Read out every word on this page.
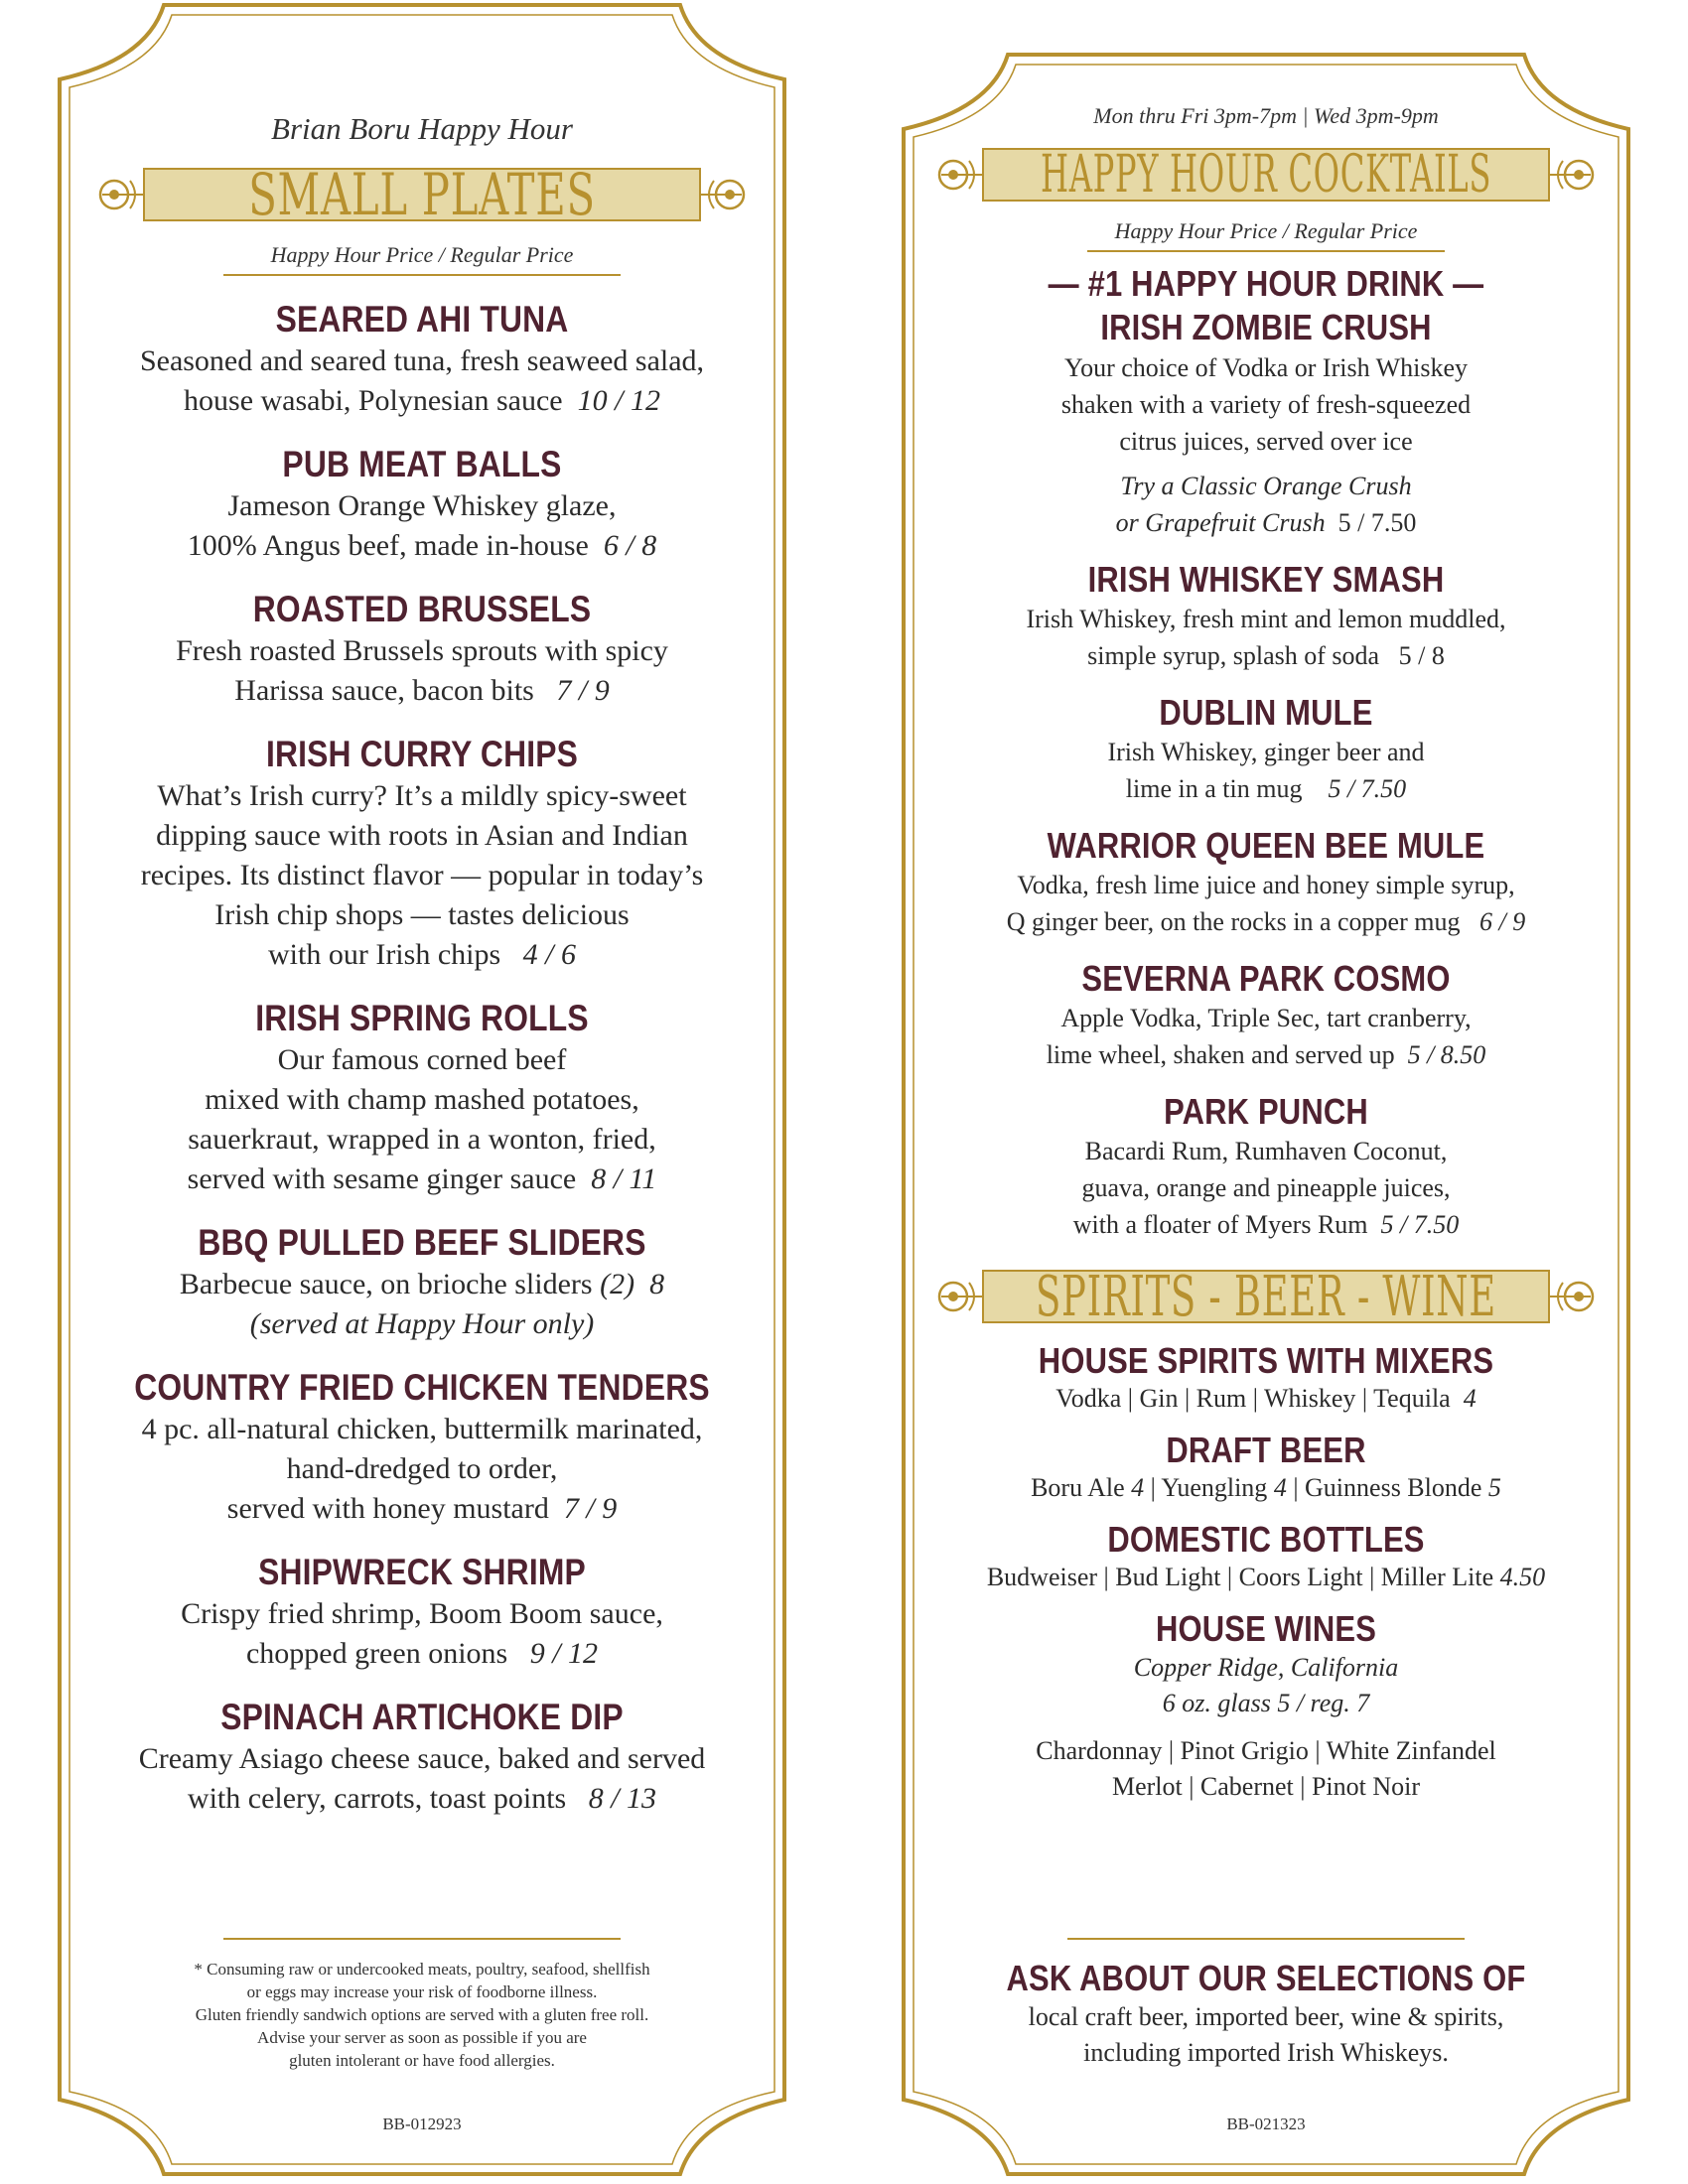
Brian Boru Happy Hour
SMALL PLATES
Happy Hour Price / Regular Price
SEARED AHI TUNA
Seasoned and seared tuna, fresh seaweed salad,
house wasabi, Polynesian sauce 10 / 12
PUB MEAT BALLS
Jameson Orange Whiskey glaze,
100% Angus beef, made in-house 6 / 8
ROASTED BRUSSELS
Fresh roasted Brussels sprouts with spicy
Harissa sauce, bacon bits 7 / 9
IRISH CURRY CHIPS
What’s Irish curry? It’s a mildly spicy-sweet
dipping sauce with roots in Asian and Indian
recipes. Its distinct flavor — popular in today’s
Irish chip shops — tastes delicious
with our Irish chips 4 / 6
IRISH SPRING ROLLS
Our famous corned beef
mixed with champ mashed potatoes,
sauerkraut, wrapped in a wonton, fried,
served with sesame ginger sauce 8 / 11
BBQ PULLED BEEF SLIDERS
Barbecue sauce, on brioche sliders (2) 8
(served at Happy Hour only)
COUNTRY FRIED CHICKEN TENDERS
4 pc. all-natural chicken, buttermilk marinated,
hand-dredged to order,
served with honey mustard 7 / 9
SHIPWRECK SHRIMP
Crispy fried shrimp, Boom Boom sauce,
chopped green onions 9 / 12
SPINACH ARTICHOKE DIP
Creamy Asiago cheese sauce, baked and served
with celery, carrots, toast points 8 / 13
* Consuming raw or undercooked meats, poultry, seafood, shellfish
or eggs may increase your risk of foodborne illness.
Gluten friendly sandwich options are served with a gluten free roll.
Advise your server as soon as possible if you are
gluten intolerant or have food allergies.
BB-012923
Mon thru Fri 3pm-7pm | Wed 3pm-9pm
HAPPY HOUR COCKTAILS
Happy Hour Price / Regular Price
— #1 HAPPY HOUR DRINK —
IRISH ZOMBIE CRUSH
Your choice of Vodka or Irish Whiskey
shaken with a variety of fresh-squeezed
citrus juices, served over ice
Try a Classic Orange Crush
or Grapefruit Crush 5 / 7.50
IRISH WHISKEY SMASH
Irish Whiskey, fresh mint and lemon muddled,
simple syrup, splash of soda 5 / 8
DUBLIN MULE
Irish Whiskey, ginger beer and
lime in a tin mug 5 / 7.50
WARRIOR QUEEN BEE MULE
Vodka, fresh lime juice and honey simple syrup,
Q ginger beer, on the rocks in a copper mug 6 / 9
SEVERNA PARK COSMO
Apple Vodka, Triple Sec, tart cranberry,
lime wheel, shaken and served up 5 / 8.50
PARK PUNCH
Bacardi Rum, Rumhaven Coconut,
guava, orange and pineapple juices,
with a floater of Myers Rum 5 / 7.50
SPIRITS - BEER - WINE
HOUSE SPIRITS WITH MIXERS
Vodka | Gin | Rum | Whiskey | Tequila 4
DRAFT BEER
Boru Ale 4 | Yuengling 4 | Guinness Blonde 5
DOMESTIC BOTTLES
Budweiser | Bud Light | Coors Light | Miller Lite 4.50
HOUSE WINES
Copper Ridge, California
6 oz. glass 5 / reg. 7
Chardonnay | Pinot Grigio | White Zinfandel
Merlot | Cabernet | Pinot Noir
ASK ABOUT OUR SELECTIONS OF
local craft beer, imported beer, wine & spirits,
including imported Irish Whiskeys.
BB-021323
